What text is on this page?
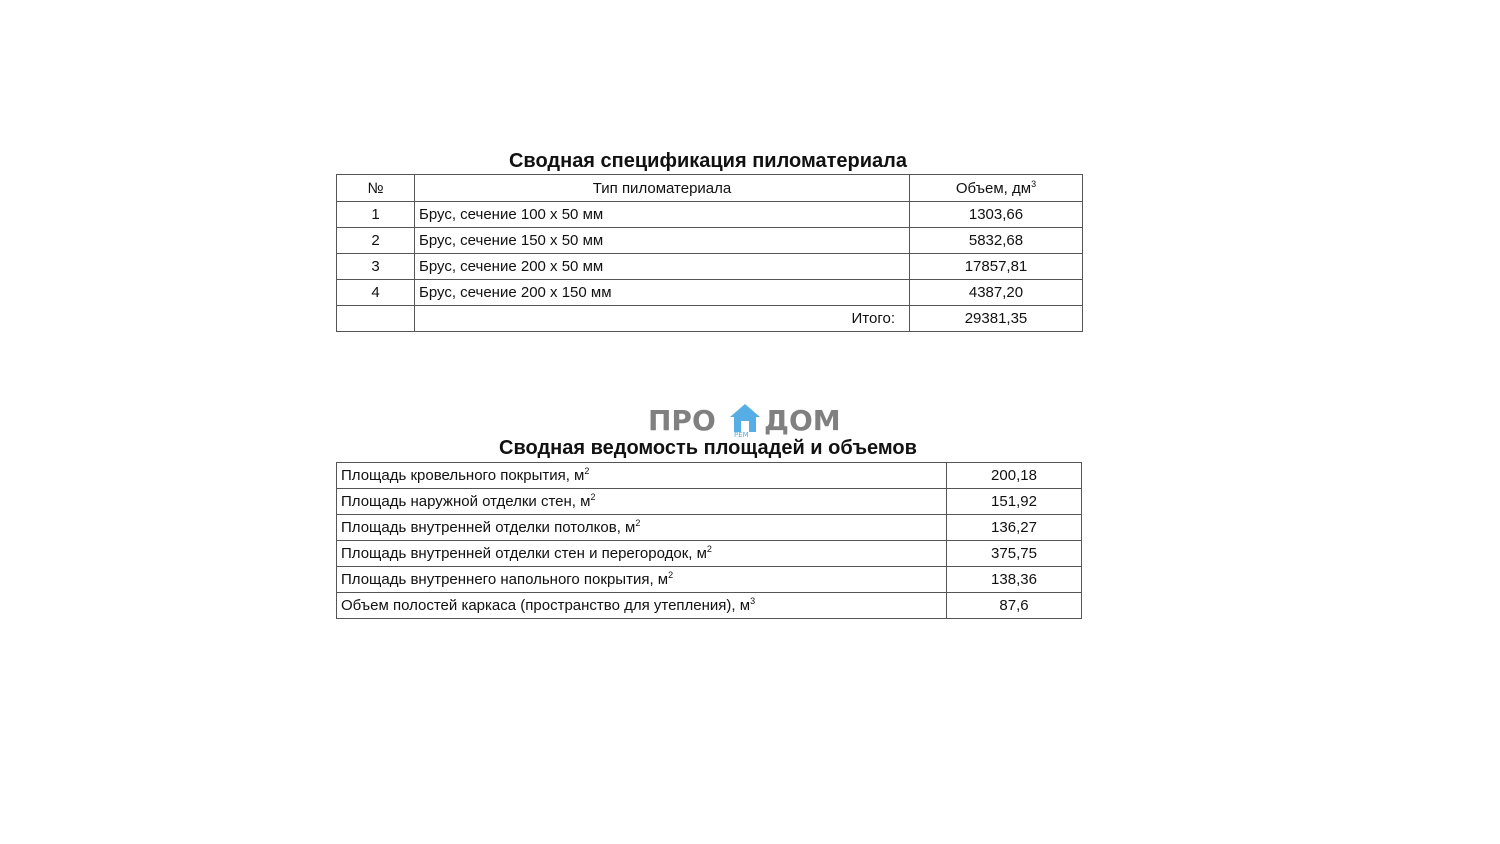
Сводная спецификация пиломатериала
№	Тип пиломатериала	Объем, $дм^3$
1	Брус, сечение 100 х 50 мм	1303,66
2	Брус, сечение 150 х 50 мм	5832,68
3	Брус, сечение 200 х 50 мм	17857,81
4	Брус, сечение 200 х 150 мм	4387,20
	Итого:	29381,35
ПРО ДОМ
РЕМ
Сводная ведомость площадей и объемов
Площадь кровельного покрытия, $м^2$	200,18
Площадь наружной отделки стен, $м^2$	151,92
Площадь внутренней отделки потолков, $м^2$	136,27
Площадь внутренней отделки стен и перегородок, $м^2$	375,75
Площадь внутреннего напольного покрытия, $м^2$	138,36
Объем полостей каркаса (пространство для утепления), $м^3$	87,6
